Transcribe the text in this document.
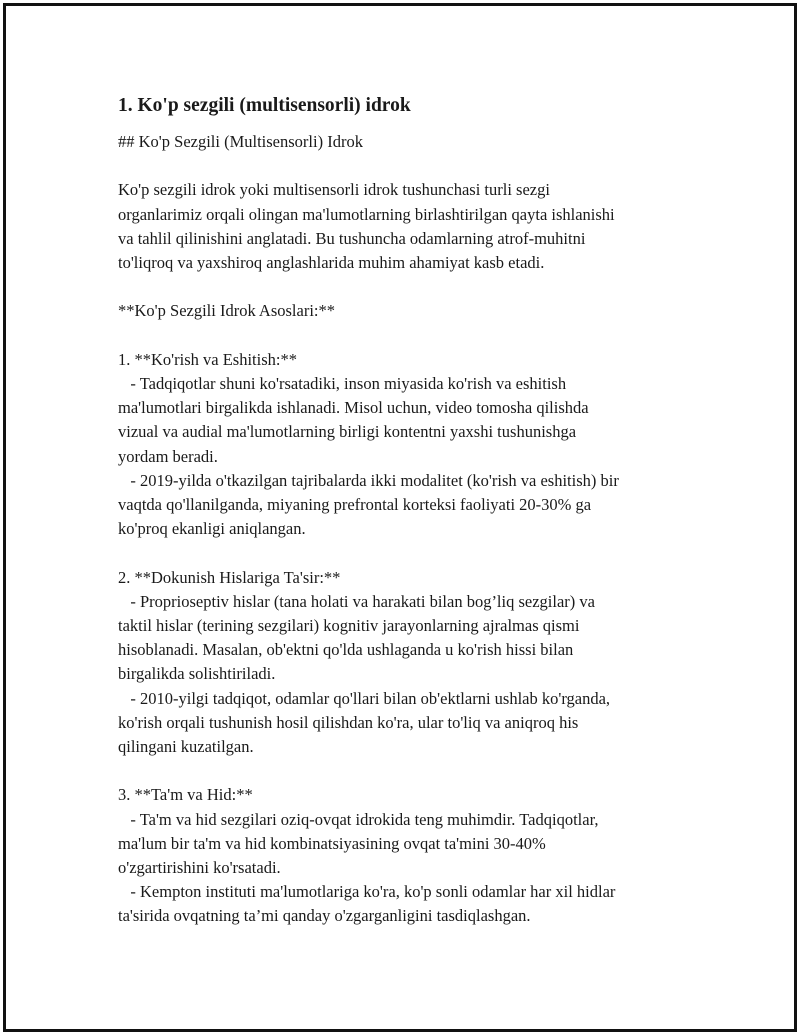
1. Ko'p sezgili (multisensorli) idrok
## Ko'p Sezgili (Multisensorli) Idrok
Ko'p sezgili idrok yoki multisensorli idrok tushunchasi turli sezgi
organlarimiz orqali olingan ma'lumotlarning birlashtirilgan qayta ishlanishi
va tahlil qilinishini anglatadi. Bu tushuncha odamlarning atrof-muhitni
to'liqroq va yaxshiroq anglashlarida muhim ahamiyat kasb etadi.
**Ko'p Sezgili Idrok Asoslari:**
1. **Ko'rish va Eshitish:**
- Tadqiqotlar shuni ko'rsatadiki, inson miyasida ko'rish va eshitish
ma'lumotlari birgalikda ishlanadi. Misol uchun, video tomosha qilishda
vizual va audial ma'lumotlarning birligi kontentni yaxshi tushunishga
yordam beradi.
- 2019-yilda o'tkazilgan tajribalarda ikki modalitet (ko'rish va eshitish) bir
vaqtda qo'llanilganda, miyaning prefrontal korteksi faoliyati 20-30% ga
ko'proq ekanligi aniqlangan.
2. **Dokunish Hislariga Ta'sir:**
- Proprioseptiv hislar (tana holati va harakati bilan bog’liq sezgilar) va
taktil hislar (terining sezgilari) kognitiv jarayonlarning ajralmas qismi
hisoblanadi. Masalan, ob'ektni qo'lda ushlaganda u ko'rish hissi bilan
birgalikda solishtiriladi.
- 2010-yilgi tadqiqot, odamlar qo'llari bilan ob'ektlarni ushlab ko'rganda,
ko'rish orqali tushunish hosil qilishdan ko'ra, ular to'liq va aniqroq his
qilingani kuzatilgan.
3. **Ta'm va Hid:**
- Ta'm va hid sezgilari oziq-ovqat idrokida teng muhimdir. Tadqiqotlar,
ma'lum bir ta'm va hid kombinatsiyasining ovqat ta'mini 30-40%
o'zgartirishini ko'rsatadi.
- Kempton instituti ma'lumotlariga ko'ra, ko'p sonli odamlar har xil hidlar
ta'sirida ovqatning ta’mi qanday o'zgarganligini tasdiqlashgan.
